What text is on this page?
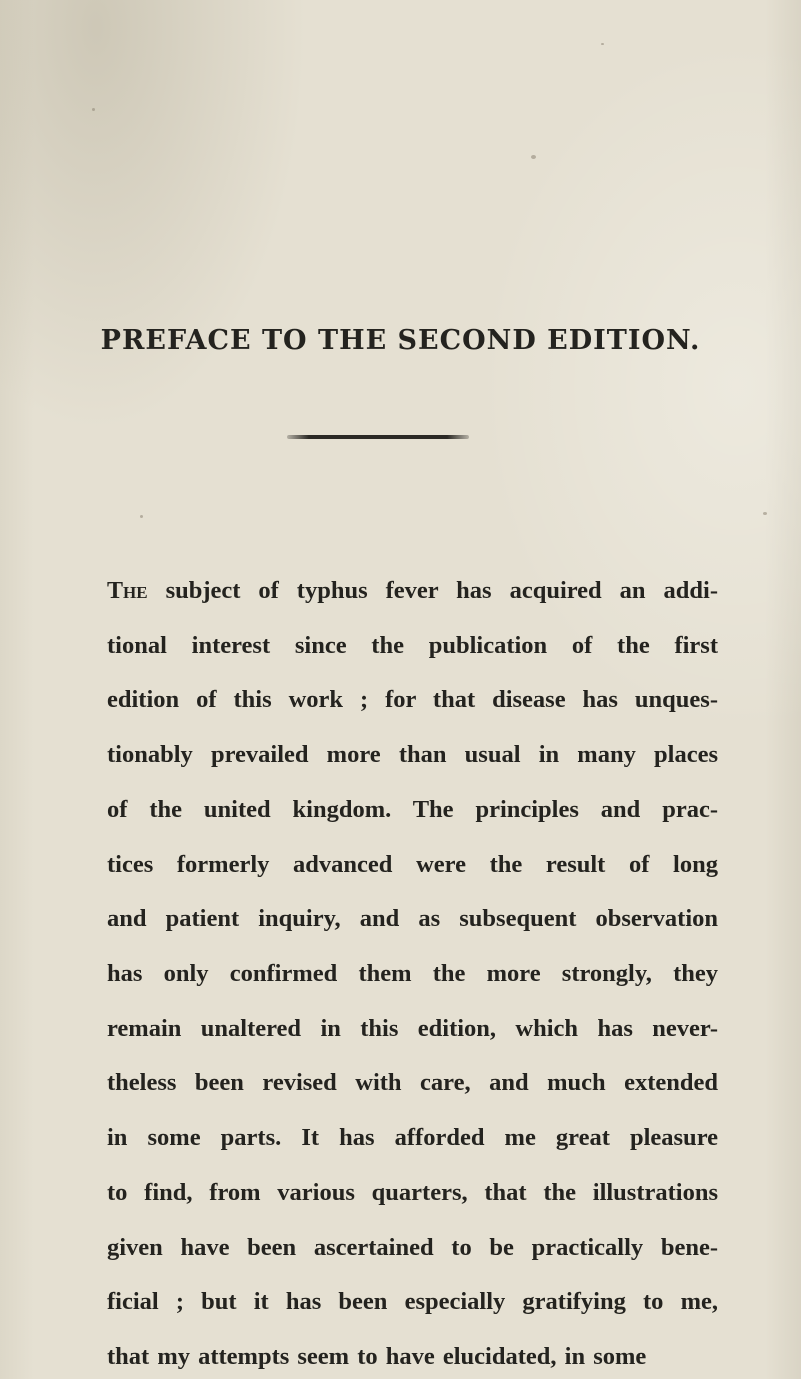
PREFACE TO THE SECOND EDITION.
The subject of typhus fever has acquired an addi-
tional interest since the publication of the first
edition of this work ; for that disease has unques-
tionably prevailed more than usual in many places
of the united kingdom. The principles and prac-
tices formerly advanced were the result of long
and patient inquiry, and as subsequent observation
has only confirmed them the more strongly, they
remain unaltered in this edition, which has never-
theless been revised with care, and much extended
in some parts. It has afforded me great pleasure
to find, from various quarters, that the illustrations
given have been ascertained to be practically bene-
ficial ; but it has been especially gratifying to me,
that my attempts seem to have elucidated, in some
